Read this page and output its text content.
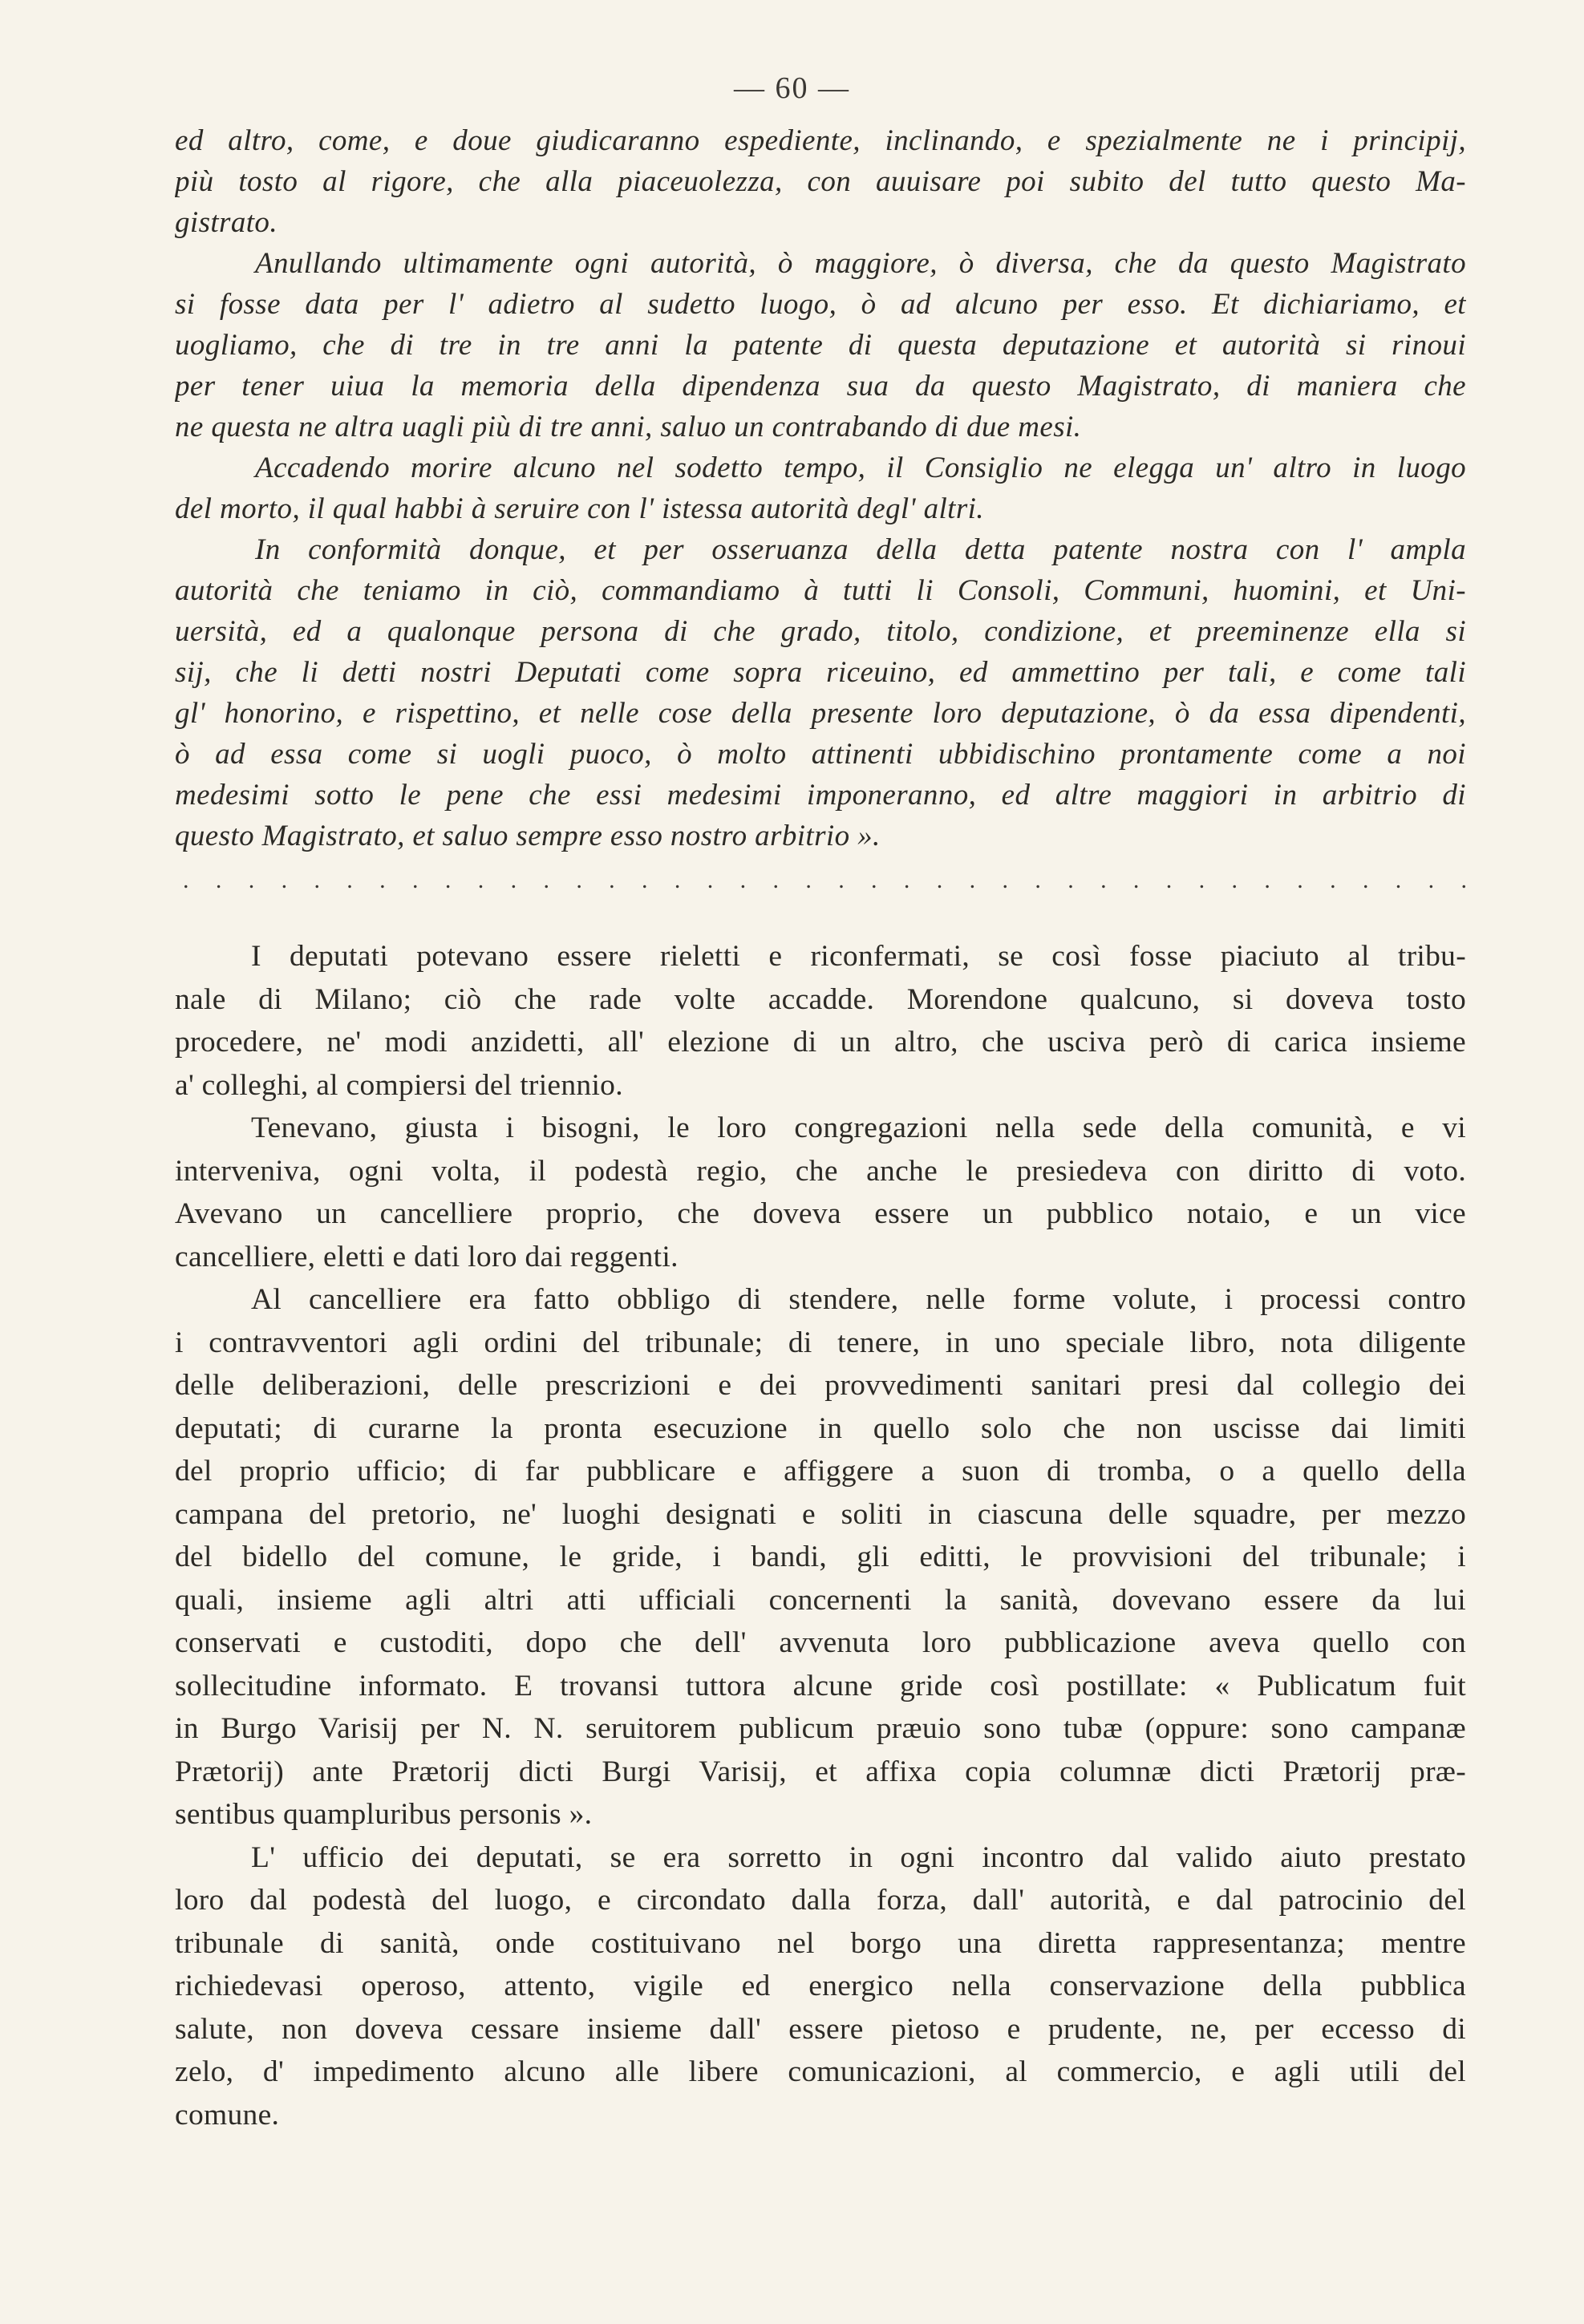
— 60 —
ed altro, come, e doue giudicaranno espediente, inclinando, e spezialmente ne i principij,
più tosto al rigore, che alla piaceuolezza, con auuisare poi subito del tutto questo Ma-
gistrato.
Anullando ultimamente ogni autorità, ò maggiore, ò diversa, che da questo Magistrato
si fosse data per l' adietro al sudetto luogo, ò ad alcuno per esso. Et dichiariamo, et
uogliamo, che di tre in tre anni la patente di questa deputazione et autorità si rinoui
per tener uiua la memoria della dipendenza sua da questo Magistrato, di maniera che
ne questa ne altra uagli più di tre anni, saluo un contrabando di due mesi.
Accadendo morire alcuno nel sodetto tempo, il Consiglio ne elegga un' altro in luogo
del morto, il qual habbi à seruire con l' istessa autorità degl' altri.
In conformità donque, et per osseruanza della detta patente nostra con l' ampla
autorità che teniamo in ciò, commandiamo à tutti li Consoli, Communi, huomini, et Uni-
uersità, ed a qualonque persona di che grado, titolo, condizione, et preeminenze ella si
sij, che li detti nostri Deputati come sopra riceuino, ed ammettino per tali, e come tali
gl' honorino, e rispettino, et nelle cose della presente loro deputazione, ò da essa dipendenti,
ò ad essa come si uogli puoco, ò molto attinenti ubbidischino prontamente come a noi
medesimi sotto le pene che essi medesimi imponeranno, ed altre maggiori in arbitrio di
questo Magistrato, et saluo sempre esso nostro arbitrio ».
. . . . . . . . . . . . . . . . . . . . . . . . . . . . . . . . . . . . . . . .
I deputati potevano essere rieletti e riconfermati, se così fosse piaciuto al tribu-
nale di Milano; ciò che rade volte accadde. Morendone qualcuno, si doveva tosto
procedere, ne' modi anzidetti, all' elezione di un altro, che usciva però di carica insieme
a' colleghi, al compiersi del triennio.
Tenevano, giusta i bisogni, le loro congregazioni nella sede della comunità, e vi
interveniva, ogni volta, il podestà regio, che anche le presiedeva con diritto di voto.
Avevano un cancelliere proprio, che doveva essere un pubblico notaio, e un vice
cancelliere, eletti e dati loro dai reggenti.
Al cancelliere era fatto obbligo di stendere, nelle forme volute, i processi contro
i contravventori agli ordini del tribunale; di tenere, in uno speciale libro, nota diligente
delle deliberazioni, delle prescrizioni e dei provvedimenti sanitari presi dal collegio dei
deputati; di curarne la pronta esecuzione in quello solo che non uscisse dai limiti
del proprio ufficio; di far pubblicare e affiggere a suon di tromba, o a quello della
campana del pretorio, ne' luoghi designati e soliti in ciascuna delle squadre, per mezzo
del bidello del comune, le gride, i bandi, gli editti, le provvisioni del tribunale; i
quali, insieme agli altri atti ufficiali concernenti la sanità, dovevano essere da lui
conservati e custoditi, dopo che dell' avvenuta loro pubblicazione aveva quello con
sollecitudine informato. E trovansi tuttora alcune gride così postillate: « Publicatum fuit
in Burgo Varisij per N. N. seruitorem publicum præuio sono tubæ (oppure: sono campanæ
Prætorij) ante Prætorij dicti Burgi Varisij, et affixa copia columnæ dicti Prætorij præ-
sentibus quampluribus personis ».
L' ufficio dei deputati, se era sorretto in ogni incontro dal valido aiuto prestato
loro dal podestà del luogo, e circondato dalla forza, dall' autorità, e dal patrocinio del
tribunale di sanità, onde costituivano nel borgo una diretta rappresentanza; mentre
richiedevasi operoso, attento, vigile ed energico nella conservazione della pubblica
salute, non doveva cessare insieme dall' essere pietoso e prudente, ne, per eccesso di
zelo, d' impedimento alcuno alle libere comunicazioni, al commercio, e agli utili del
comune.
